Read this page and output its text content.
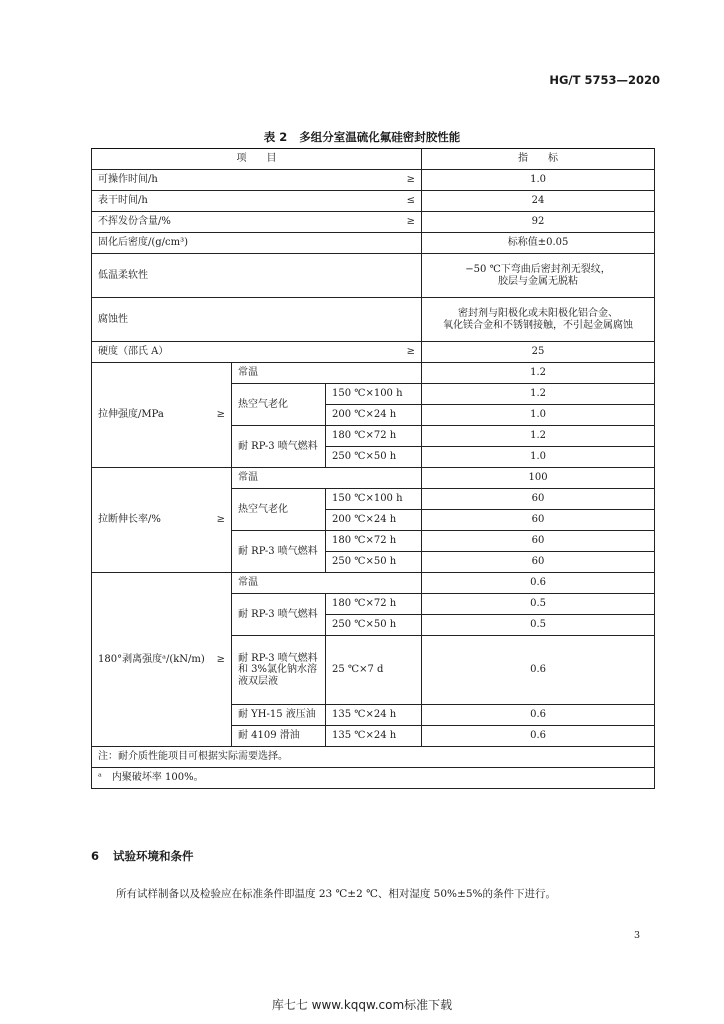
HG/T 5753—2020
表 2 多组分室温硫化氟硅密封胶性能
项　　目			指　　标

可操作时间/h ≥			1.0

表干时间/h ≤			24

不挥发份含量/% ≥			92

固化后密度/(g/cm³)			标称值±0.05
低温柔软性			−50 ℃下弯曲后密封剂无裂纹，
胶层与金属无脱粘

腐蚀性			密封剂与阳极化或未阳极化铝合金、
氧化镁合金和不锈钢接触，不引起金属腐蚀

硬度（邵氏 A） ≥			25

拉伸强度/MPa ≥	常温		1.2
	热空气老化	150 ℃×100 h	1.2
		200 ℃×24 h	1.0
	耐 RP-3 喷气燃料	180 ℃×72 h	1.2
		250 ℃×50 h	1.0

拉断伸长率/% ≥	常温		100
	热空气老化	150 ℃×100 h	60
		200 ℃×24 h	60
	耐 RP-3 喷气燃料	180 ℃×72 h	60
		250 ℃×50 h	60

180°剥离强度ᵃ/(kN/m) ≥	常温		0.6
	耐 RP-3 喷气燃料	180 ℃×72 h	0.5
		250 ℃×50 h	0.5
	耐 RP-3 喷气燃料和 3%氯化钠水溶液双层液	25 ℃×7 d	0.6
	耐 YH-15 液压油	135 ℃×24 h	0.6
	耐 4109 滑油	135 ℃×24 h	0.6
注：耐介质性能项目可根据实际需要选择。			
ᵃ　内聚破坏率 100%。			
6 试验环境和条件
所有试样制备以及检验应在标准条件即温度 23 ℃±2 ℃、相对湿度 50%±5%的条件下进行。
3
库七七 www.kqqw.com标准下载
